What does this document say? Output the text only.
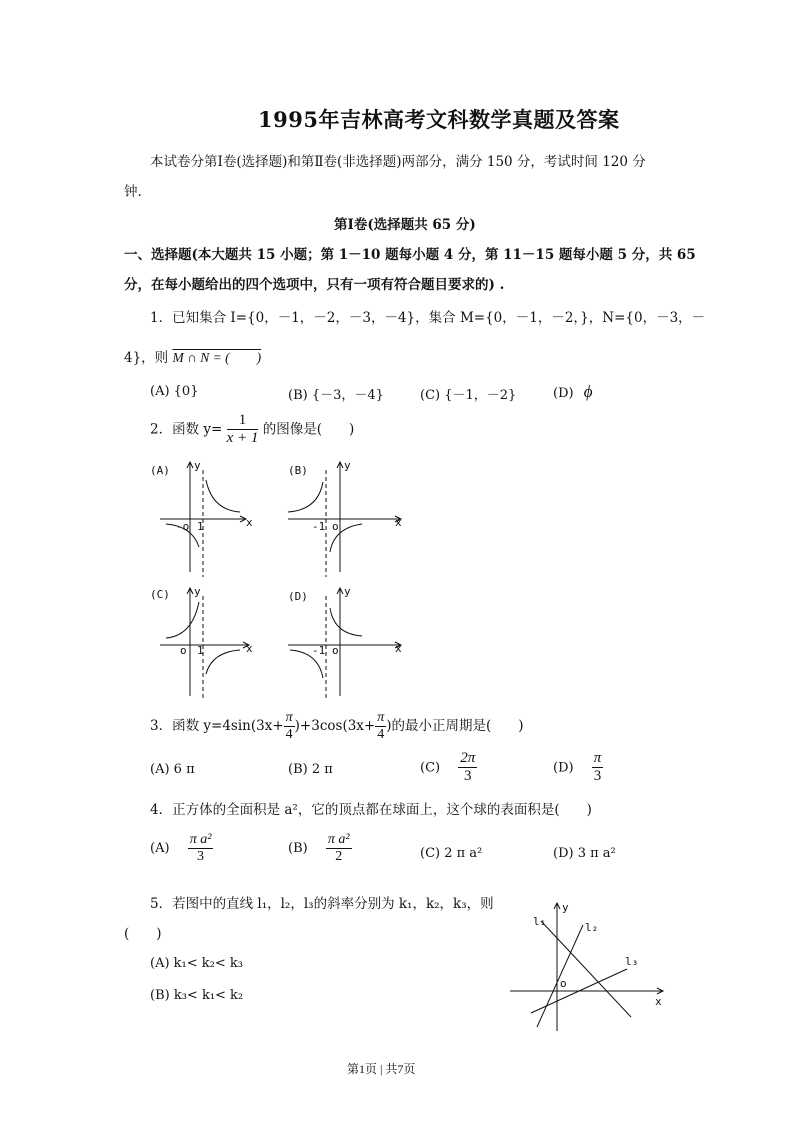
1995年吉林高考文科数学真题及答案
本试卷分第Ⅰ卷(选择题)和第Ⅱ卷(非选择题)两部分，满分 150 分，考试时间 120 分
钟.
第Ⅰ卷(选择题共 65 分)
一、选择题(本大题共 15 小题；第 1－10 题每小题 4 分，第 11－15 题每小题 5 分，共 65
分，在每小题给出的四个选项中，只有一项有符合题目要求的) .
1．已知集合 I={0，－1，－2，－3，－4}，集合 M={0，－1，－2，}，N={0，－3，－
4}，则 M ∩ N = (　　)
(A) {0}	(B) {－3，－4}	(C) {－1，－2}	(D) ϕ
2．函数 $y= \frac{1}{x + 1}$ 的图像是(　　)
(A) y
x
-o 1
(B)	y
x
-1 o
(C) y
x
o 1
(D)	y
x
-1 o
3．函数 $y=4\sin(3x+ \frac{\pi}{4} )+3\cos(3x+ \frac{\pi}{4}$ )的最小正周期是(　　)
(A) 6 π	(B) 2 π	$(C) \frac{2\pi}{3}$	$(D) \frac{\pi}{3}$
4．正方体的全面积是 a²，它的顶点都在球面上，这个球的表面积是(　　)
$(A) \frac{\text{π a²}}{3}$	$(B) \frac{\text{π a²}}{2}$	(C) 2 π a²	(D) 3 π a²
5．若图中的直线 l₁，l₂，l₃的斜率分别为 k₁，k₂，k₃，则
(　　)
(A) k₁< k₂< k₃
(B) k₃< k₁< k₂
l₁	l₂
l₃
y
x
o
第1页 | 共7页
